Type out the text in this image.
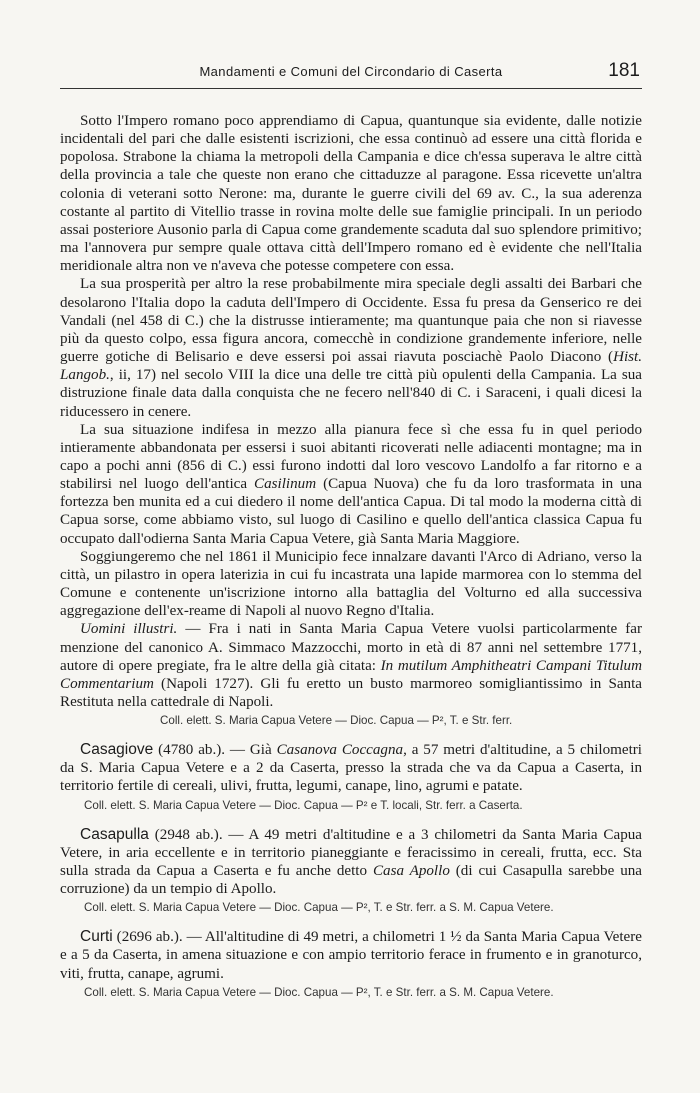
Mandamenti e Comuni del Circondario di Caserta	181

Sotto l'Impero romano poco apprendiamo di Capua, quantunque sia evidente, dalle notizie incidentali del pari che dalle esistenti iscrizioni, che essa continuò ad essere una città florida e popolosa. Strabone la chiama la metropoli della Campania e dice ch'essa superava le altre città della provincia a tale che queste non erano che cittaduzze al paragone. Essa ricevette un'altra colonia di veterani sotto Nerone: ma, durante le guerre civili del 69 av. C., la sua aderenza costante al partito di Vitellio trasse in rovina molte delle sue famiglie principali. In un periodo assai posteriore Ausonio parla di Capua come grandemente scaduta dal suo splendore primitivo; ma l'annovera pur sempre quale ottava città dell'Impero romano ed è evidente che nell'Italia meridionale altra non ve n'aveva che potesse competere con essa.

La sua prosperità per altro la rese probabilmente mira speciale degli assalti dei Barbari che desolarono l'Italia dopo la caduta dell'Impero di Occidente. Essa fu presa da Genserico re dei Vandali (nel 458 di C.) che la distrusse intieramente; ma quantunque paia che non si riavesse più da questo colpo, essa figura ancora, comecchè in condizione grandemente inferiore, nelle guerre gotiche di Belisario e deve essersi poi assai riavuta posciachè Paolo Diacono (Hist. Langob., ii, 17) nel secolo VIII la dice una delle tre città più opulenti della Campania. La sua distruzione finale data dalla conquista che ne fecero nell'840 di C. i Saraceni, i quali dicesi la riducessero in cenere.

La sua situazione indifesa in mezzo alla pianura fece sì che essa fu in quel periodo intieramente abbandonata per essersi i suoi abitanti ricoverati nelle adiacenti montagne; ma in capo a pochi anni (856 di C.) essi furono indotti dal loro vescovo Landolfo a far ritorno e a stabilirsi nel luogo dell'antica Casilinum (Capua Nuova) che fu da loro trasformata in una fortezza ben munita ed a cui diedero il nome dell'antica Capua. Di tal modo la moderna città di Capua sorse, come abbiamo visto, sul luogo di Casilino e quello dell'antica classica Capua fu occupato dall'odierna Santa Maria Capua Vetere, già Santa Maria Maggiore.

Soggiungeremo che nel 1861 il Municipio fece innalzare davanti l'Arco di Adriano, verso la città, un pilastro in opera laterizia in cui fu incastrata una lapide marmorea con lo stemma del Comune e contenente un'iscrizione intorno alla battaglia del Volturno ed alla successiva aggregazione dell'ex-reame di Napoli al nuovo Regno d'Italia.

Uomini illustri. — Fra i nati in Santa Maria Capua Vetere vuolsi particolarmente far menzione del canonico A. Simmaco Mazzocchi, morto in età di 87 anni nel settembre 1771, autore di opere pregiate, fra le altre della già citata: In mutilum Amphitheatri Campani Titulum Commentarium (Napoli 1727). Gli fu eretto un busto marmoreo somigliantissimo in Santa Restituta nella cattedrale di Napoli.

Coll. elett. S. Maria Capua Vetere — Dioc. Capua — P², T. e Str. ferr.

Casagiove (4780 ab.). — Già Casanova Coccagna, a 57 metri d'altitudine, a 5 chilometri da S. Maria Capua Vetere e a 2 da Caserta, presso la strada che va da Capua a Caserta, in territorio fertile di cereali, ulivi, frutta, legumi, canape, lino, agrumi e patate.

Coll. elett. S. Maria Capua Vetere — Dioc. Capua — P² e T. locali, Str. ferr. a Caserta.

Casapulla (2948 ab.). — A 49 metri d'altitudine e a 3 chilometri da Santa Maria Capua Vetere, in aria eccellente e in territorio pianeggiante e feracissimo in cereali, frutta, ecc. Sta sulla strada da Capua a Caserta e fu anche detto Casa Apollo (di cui Casapulla sarebbe una corruzione) da un tempio di Apollo.

Coll. elett. S. Maria Capua Vetere — Dioc. Capua — P², T. e Str. ferr. a S. M. Capua Vetere.

Curti (2696 ab.). — All'altitudine di 49 metri, a chilometri 1 ½ da Santa Maria Capua Vetere e a 5 da Caserta, in amena situazione e con ampio territorio ferace in frumento e in granoturco, viti, frutta, canape, agrumi.

Coll. elett. S. Maria Capua Vetere — Dioc. Capua — P², T. e Str. ferr. a S. M. Capua Vetere.
